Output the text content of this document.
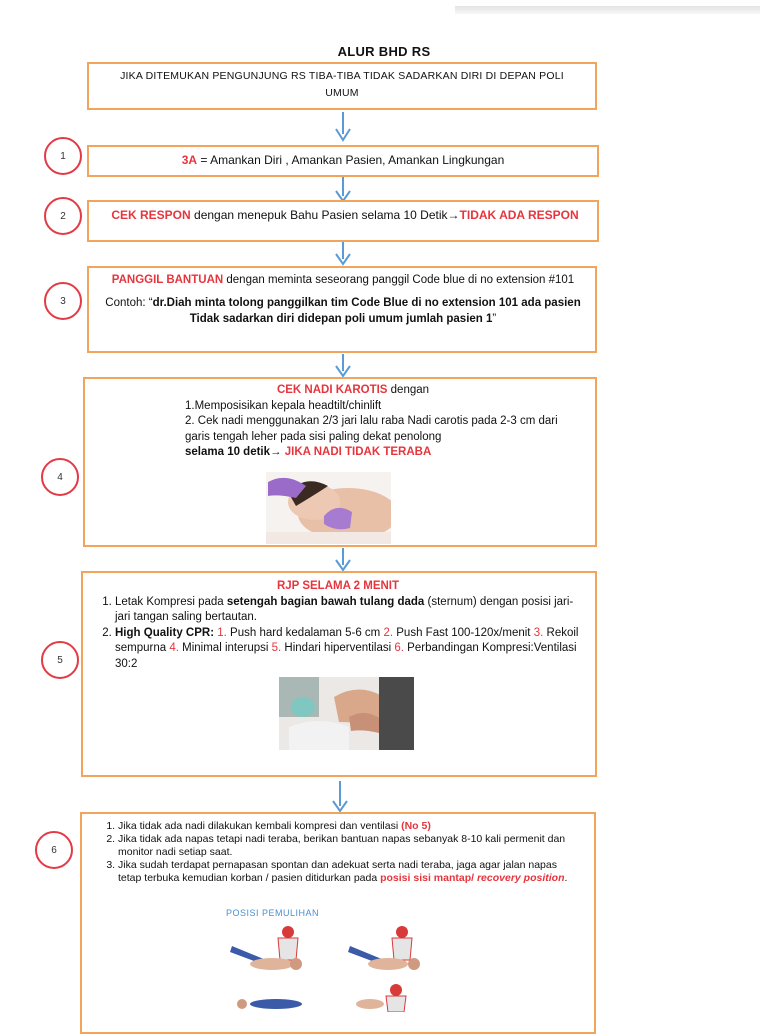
ALUR BHD RS
JIKA DITEMUKAN PENGUNJUNG RS TIBA-TIBA TIDAK SADARKAN DIRI DI DEPAN POLI UMUM
1	3A = Amankan Diri , Amankan Pasien, Amankan Lingkungan
2	CEK RESPON dengan menepuk Bahu Pasien selama 10 Detik→TIDAK ADA RESPON
3
PANGGIL BANTUAN dengan meminta seseorang panggil Code blue di no extension #101
Contoh: “dr.Diah minta tolong panggilkan tim Code Blue di no extension 101 ada pasien Tidak sadarkan diri didepan poli umum jumlah pasien 1”
4
CEK NADI KAROTIS dengan
1.Memposisikan kepala headtilt/chinlift
2. Cek nadi menggunakan 2/3 jari lalu raba Nadi carotis pada 2-3 cm dari garis tengah leher pada sisi paling dekat penolong
selama 10 detik→ JIKA NADI TIDAK TERABA
5
RJP SELAMA 2 MENIT
1. Letak Kompresi pada setengah bagian bawah tulang dada (sternum) dengan posisi jari-jari tangan saling bertautan.
2. High Quality CPR: 1. Push hard kedalaman 5-6 cm 2. Push Fast 100-120x/menit 3. Rekoil sempurna 4. Minimal interupsi 5. Hindari hiperventilasi 6. Perbandingan Kompresi:Ventilasi 30:2
6
1. Jika tidak ada nadi dilakukan kembali kompresi dan ventilasi (No 5)
2. Jika tidak ada napas tetapi nadi teraba, berikan bantuan napas sebanyak 8-10 kali permenit dan monitor nadi setiap saat.
3. Jika sudah terdapat pernapasan spontan dan adekuat serta nadi teraba, jaga agar jalan napas tetap terbuka kemudian korban / pasien ditidurkan pada posisi sisi mantap/ recovery position.
POSISI PEMULIHAN
